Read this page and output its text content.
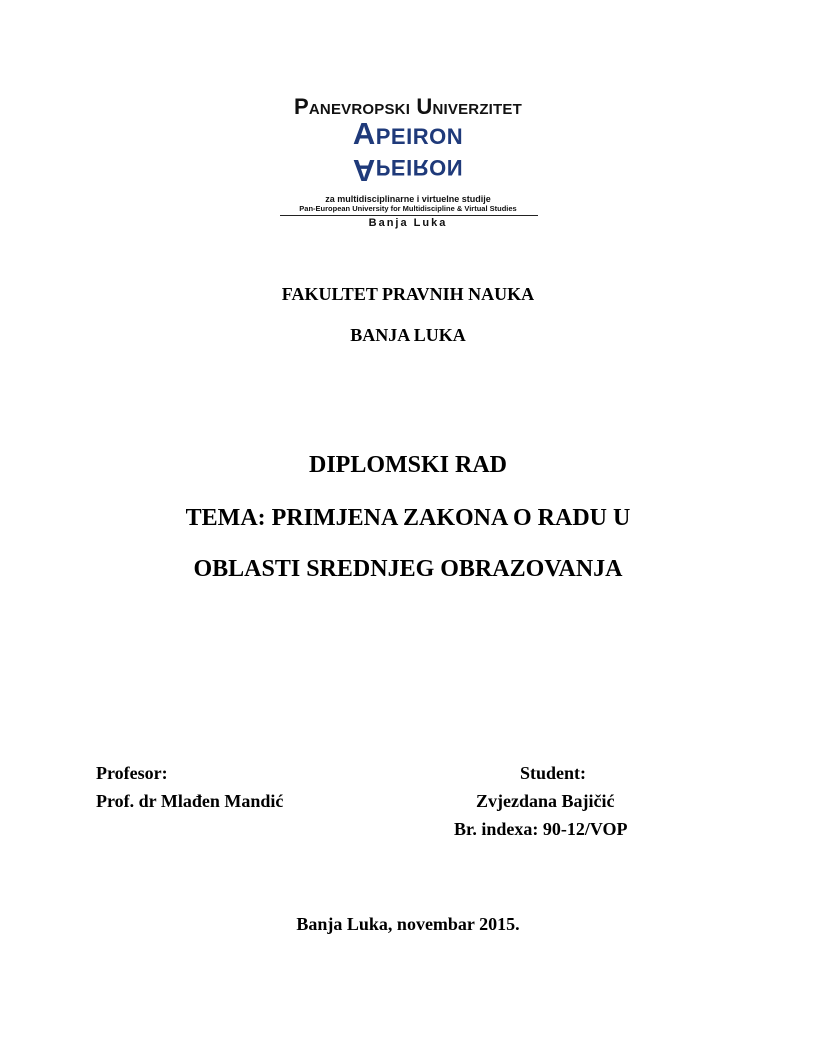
Panevropski Univerzitet
Apeiron
Apeiron
za multidisciplinarne i virtuelne studije
Pan-European University for Multidiscipline & Virtual Studies
Banja Luka
FAKULTET PRAVNIH NAUKA
BANJA LUKA
DIPLOMSKI RAD
TEMA: PRIMJENA ZAKONA O RADU U
OBLASTI SREDNJEG OBRAZOVANJA
Profesor:
Prof. dr Mlađen Mandić
Student:
Zvjezdana Bajičić
Br. indexa: 90-12/VOP
Banja Luka, novembar 2015.
